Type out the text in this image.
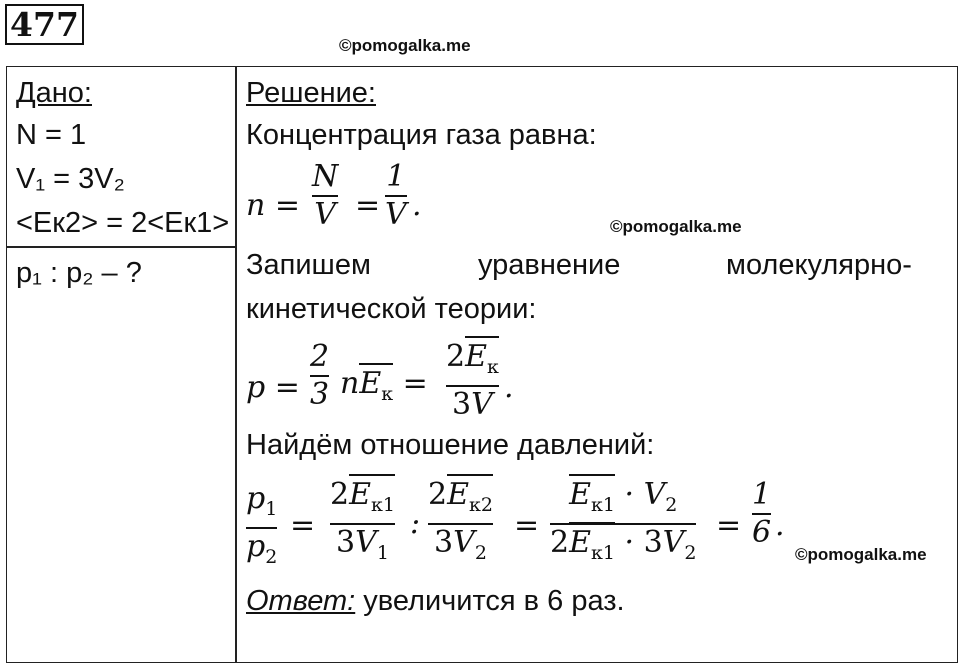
477
©pomogalka.me
©pomogalka.me
©pomogalka.me
Дано:
N = 1
V₁ = 3V₂
<Eк2> = 2<Eк1>
p₁ : p₂ – ?
Решение:
Концентрация газа равна:
n =
N
V =
1
V .
Запишем	уравнение	молекулярно-
кинетической теории:
p =
2
3 $nE_к$ =
$2E_к$
3V .
Найдём отношение давлений:
$p_1$
$p_2$
=
$2E_{к1}$
$3V_1$
:
$2E_{к2}$
$3V_2$
=
$E_{к1} \cdot V_2$
$2E_{к1} \cdot 3V_2$
=
1
6 .
Ответ: увеличится в 6 раз.
